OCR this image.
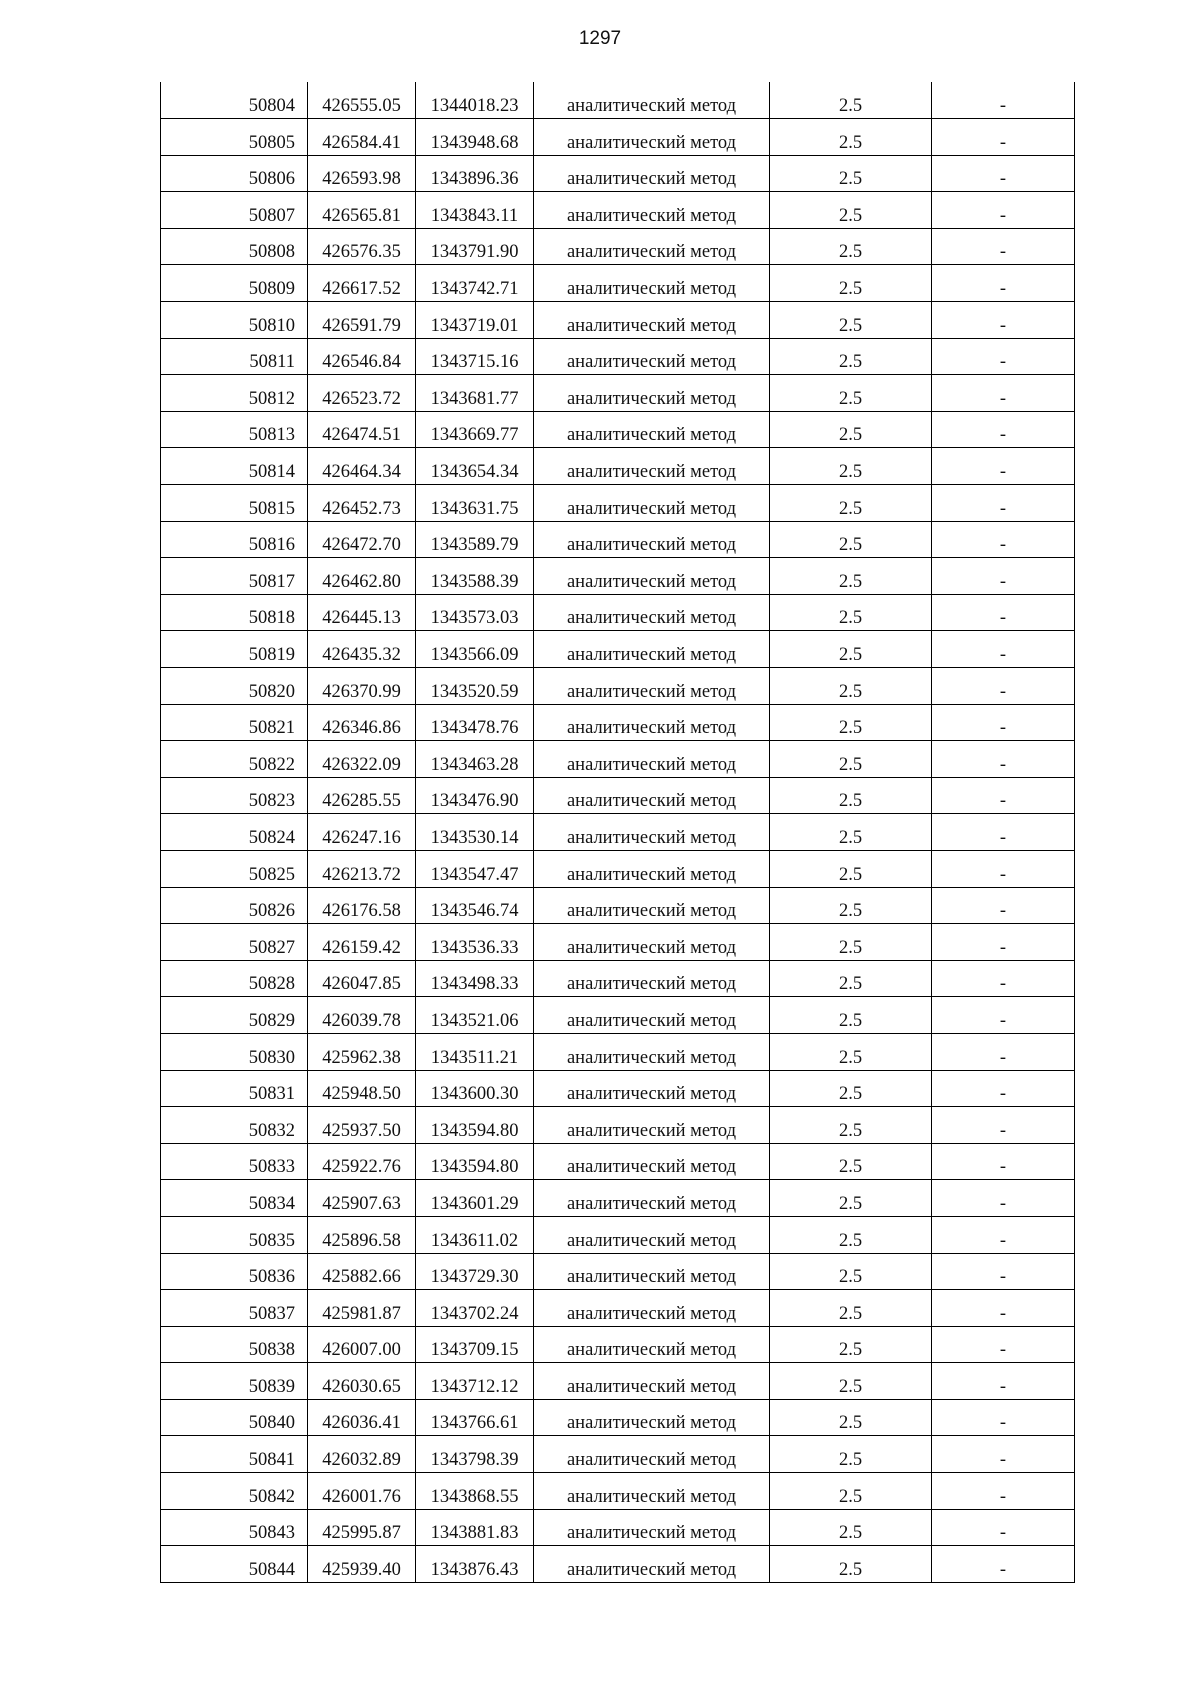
1297
50804	426555.05	1344018.23	аналитический метод	2.5	-

50805	426584.41	1343948.68	аналитический метод	2.5	-

50806	426593.98	1343896.36	аналитический метод	2.5	-

50807	426565.81	1343843.11	аналитический метод	2.5	-

50808	426576.35	1343791.90	аналитический метод	2.5	-

50809	426617.52	1343742.71	аналитический метод	2.5	-

50810	426591.79	1343719.01	аналитический метод	2.5	-

50811	426546.84	1343715.16	аналитический метод	2.5	-

50812	426523.72	1343681.77	аналитический метод	2.5	-

50813	426474.51	1343669.77	аналитический метод	2.5	-

50814	426464.34	1343654.34	аналитический метод	2.5	-

50815	426452.73	1343631.75	аналитический метод	2.5	-

50816	426472.70	1343589.79	аналитический метод	2.5	-

50817	426462.80	1343588.39	аналитический метод	2.5	-

50818	426445.13	1343573.03	аналитический метод	2.5	-

50819	426435.32	1343566.09	аналитический метод	2.5	-

50820	426370.99	1343520.59	аналитический метод	2.5	-

50821	426346.86	1343478.76	аналитический метод	2.5	-

50822	426322.09	1343463.28	аналитический метод	2.5	-

50823	426285.55	1343476.90	аналитический метод	2.5	-

50824	426247.16	1343530.14	аналитический метод	2.5	-

50825	426213.72	1343547.47	аналитический метод	2.5	-

50826	426176.58	1343546.74	аналитический метод	2.5	-

50827	426159.42	1343536.33	аналитический метод	2.5	-

50828	426047.85	1343498.33	аналитический метод	2.5	-

50829	426039.78	1343521.06	аналитический метод	2.5	-

50830	425962.38	1343511.21	аналитический метод	2.5	-

50831	425948.50	1343600.30	аналитический метод	2.5	-

50832	425937.50	1343594.80	аналитический метод	2.5	-

50833	425922.76	1343594.80	аналитический метод	2.5	-

50834	425907.63	1343601.29	аналитический метод	2.5	-

50835	425896.58	1343611.02	аналитический метод	2.5	-

50836	425882.66	1343729.30	аналитический метод	2.5	-

50837	425981.87	1343702.24	аналитический метод	2.5	-

50838	426007.00	1343709.15	аналитический метод	2.5	-

50839	426030.65	1343712.12	аналитический метод	2.5	-

50840	426036.41	1343766.61	аналитический метод	2.5	-

50841	426032.89	1343798.39	аналитический метод	2.5	-

50842	426001.76	1343868.55	аналитический метод	2.5	-

50843	425995.87	1343881.83	аналитический метод	2.5	-

50844	425939.40	1343876.43	аналитический метод	2.5	-
